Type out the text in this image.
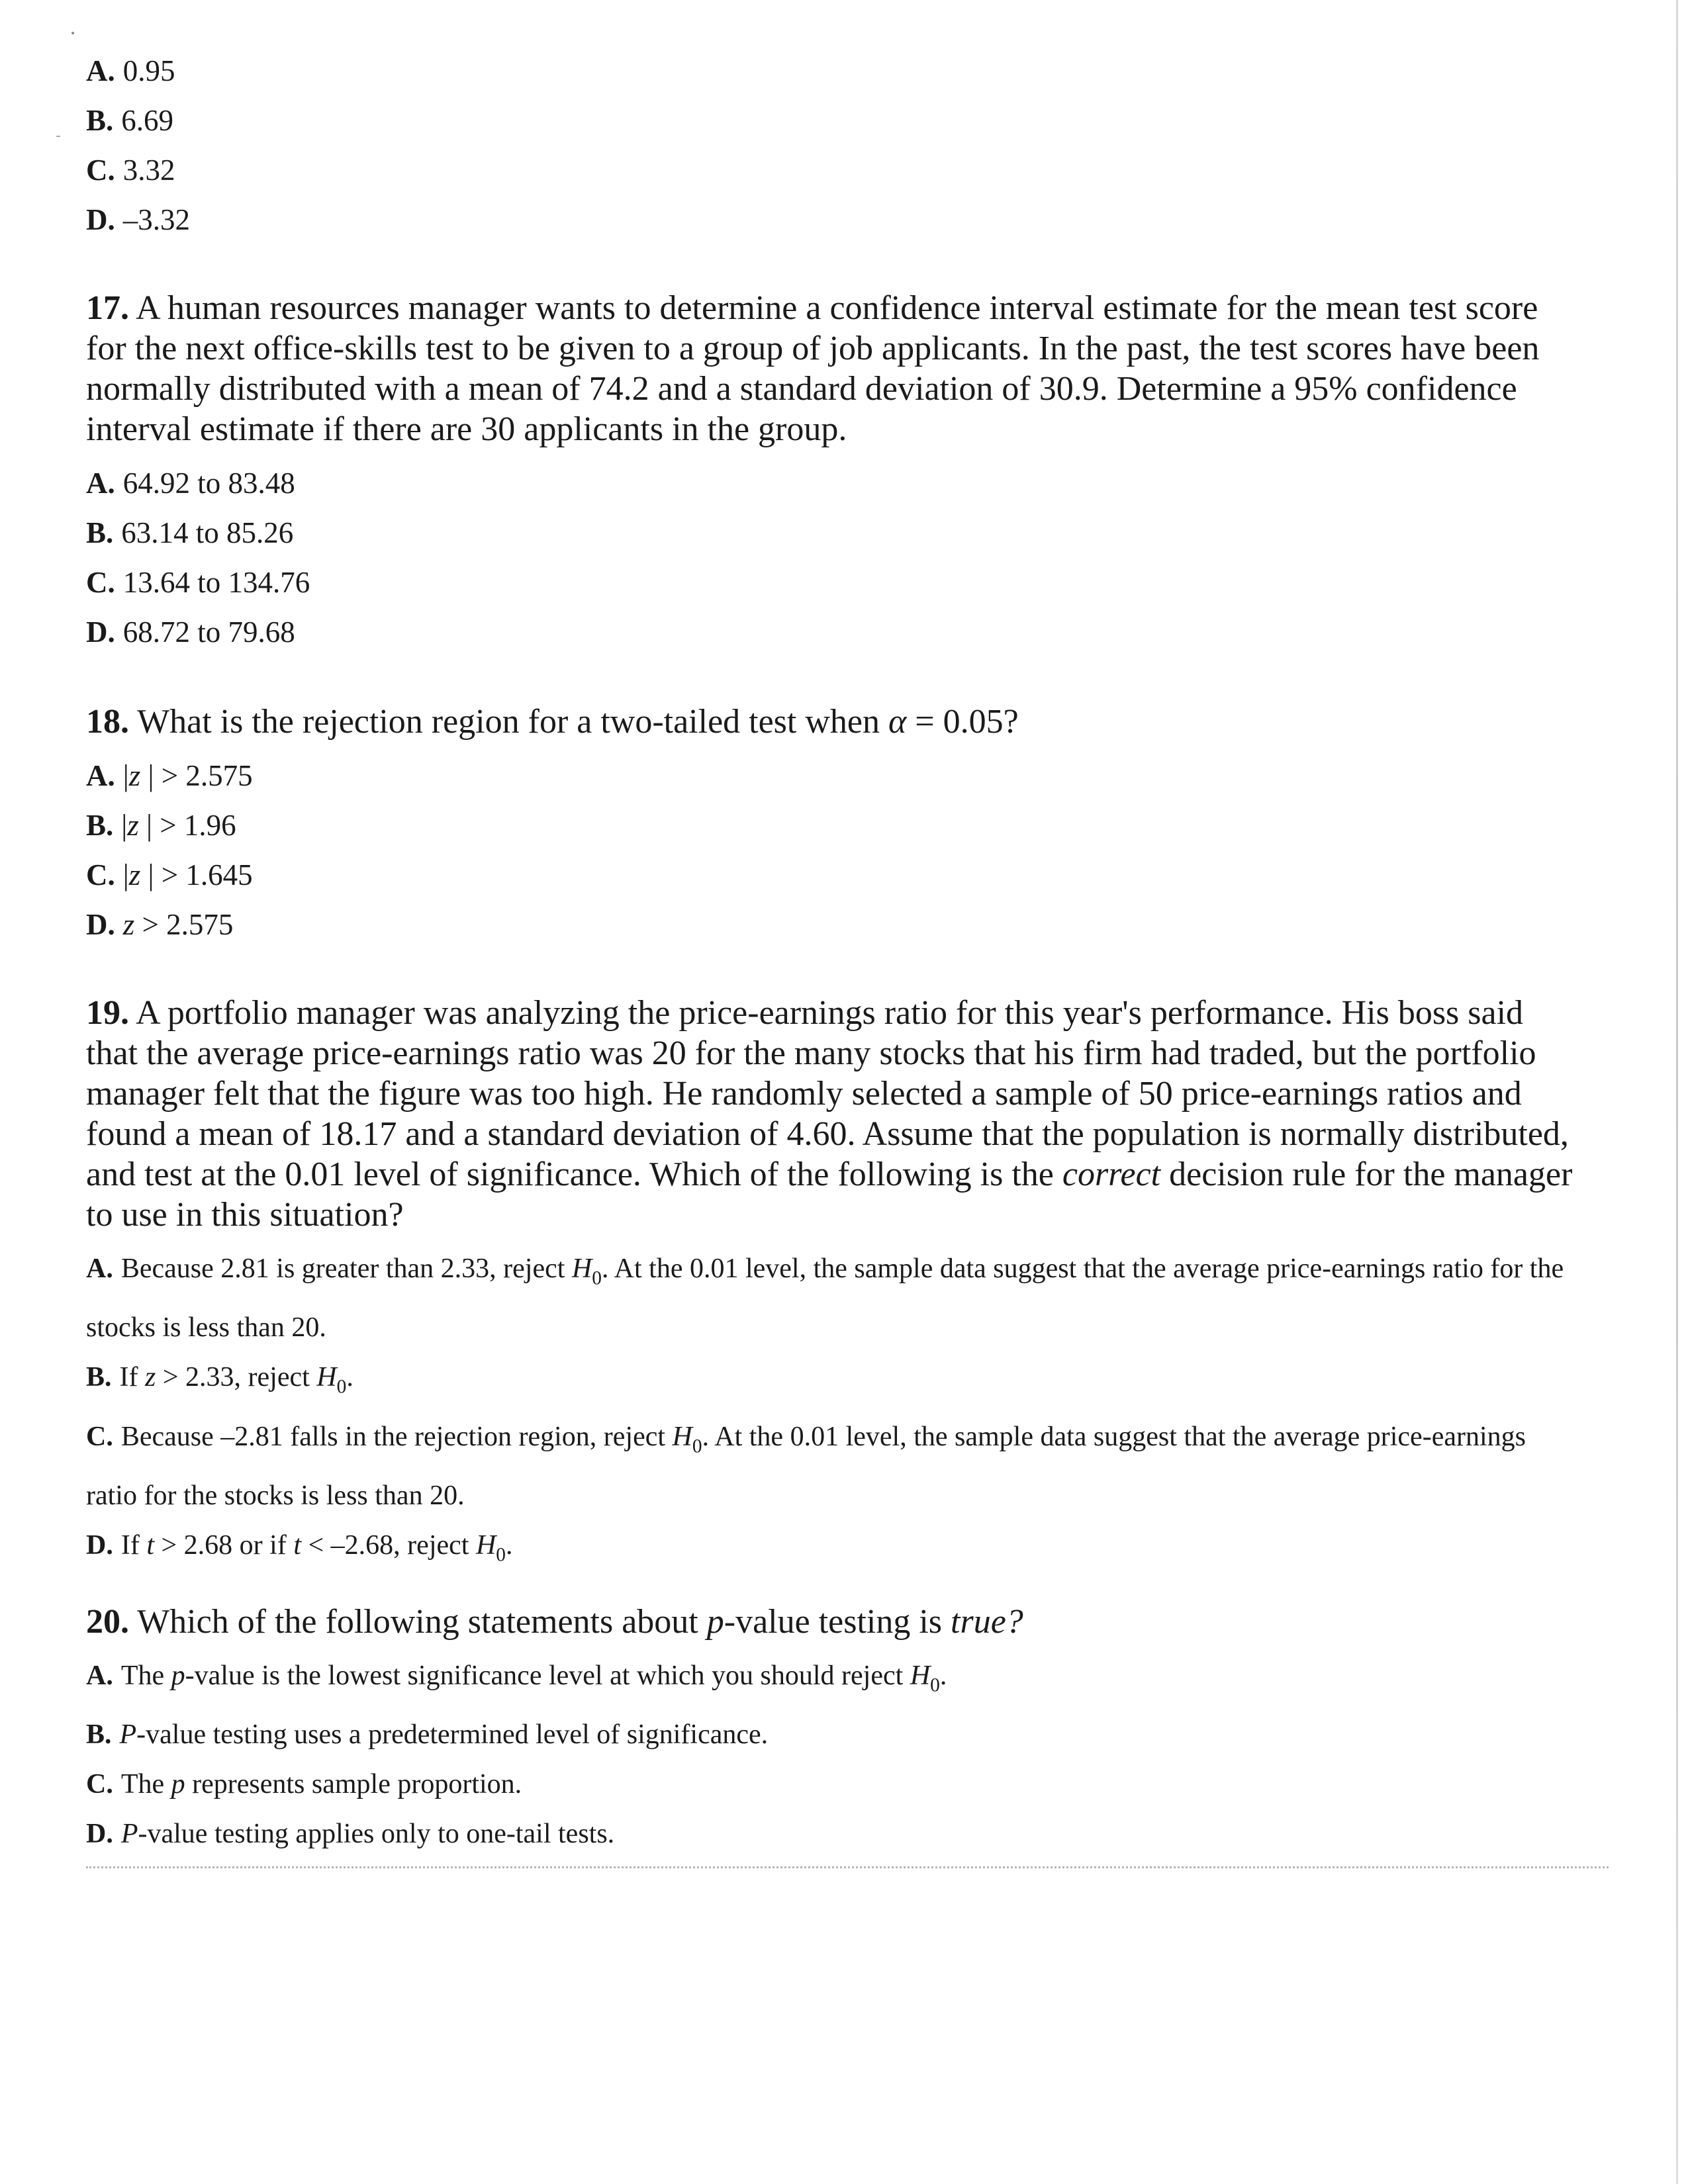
A. 0.95

B. 6.69

C. 3.32

D. –3.32

17. A human resources manager wants to determine a confidence interval estimate for the mean test score for the next office-skills test to be given to a group of job applicants. In the past, the test scores have been normally distributed with a mean of 74.2 and a standard deviation of 30.9. Determine a 95% confidence interval estimate if there are 30 applicants in the group.

A. 64.92 to 83.48

B. 63.14 to 85.26

C. 13.64 to 134.76

D. 68.72 to 79.68

18. What is the rejection region for a two-tailed test when α = 0.05?

A. |z | > 2.575

B. |z | > 1.96

C. |z | > 1.645

D. z > 2.575

19. A portfolio manager was analyzing the price-earnings ratio for this year's performance. His boss said that the average price-earnings ratio was 20 for the many stocks that his firm had traded, but the portfolio manager felt that the figure was too high. He randomly selected a sample of 50 price-earnings ratios and found a mean of 18.17 and a standard deviation of 4.60. Assume that the population is normally distributed, and test at the 0.01 level of significance. Which of the following is the correct decision rule for the manager to use in this situation?

A. Because 2.81 is greater than 2.33, reject $H_0$. At the 0.01 level, the sample data suggest that the average price-earnings ratio for the stocks is less than 20.

B. If z > 2.33, reject $H_0$.

C. Because –2.81 falls in the rejection region, reject $H_0$. At the 0.01 level, the sample data suggest that the average price-earnings ratio for the stocks is less than 20.

D. If t > 2.68 or if t < –2.68, reject $H_0$.

20. Which of the following statements about p-value testing is true?

A. The p-value is the lowest significance level at which you should reject $H_0$.

B. P-value testing uses a predetermined level of significance.

C. The p represents sample proportion.

D. P-value testing applies only to one-tail tests.
